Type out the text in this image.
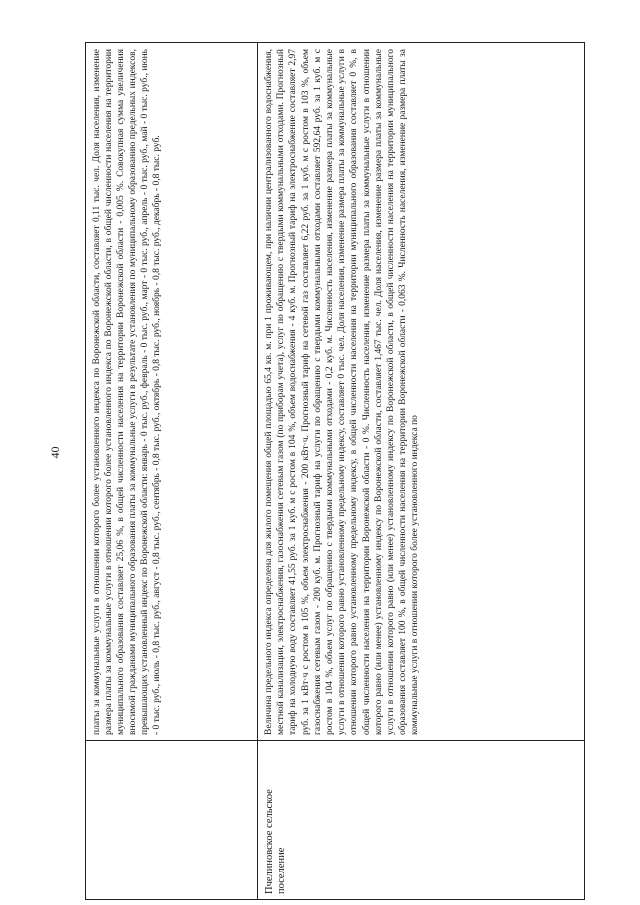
40	платы за коммунальные услуги в отношении которого более установленного индекса по Воронежской области, составляет 0,11 тыс. чел. Доля населения, изменение размера платы за коммунальные услуги в отношении которого более установленного индекса по Воронежской области, в общей численности населения на территории муниципального образования составляет 25,06 %, в общей численности населения на территории Воронежской области - 0,005 %. Совокупная сумма увеличения вносимой гражданами муниципального образования платы за коммунальные услуги в результате установления по муниципальному образованию предельных индексов, превышающих установленный индекс по Воронежской области: январь - 0 тыс. руб., февраль - 0 тыс. руб., март - 0 тыс. руб., апрель - 0 тыс. руб., май - 0 тыс. руб., июнь - 0 тыс. руб., июль - 0,8 тыс. руб., август - 0,8 тыс. руб., сентябрь - 0,8 тыс. руб., октябрь - 0,8 тыс. руб., ноябрь - 0,8 тыс. руб., декабрь - 0,8 тыс. руб.

Пчелиновское сельское поселение

Величина предельного индекса определена для жилого помещения общей площадью 65,4 кв. м. при 1 проживающем, при наличии централизованного водоснабжения, местной канализации, электроснабжения, газоснабжения сетевым газом (по приборам учета), услуг по обращению с твердыми коммунальными отходами. Прогнозный тариф на холодную воду составляет 41,55 руб. за 1 куб. м с ростом в 104 %, объем водоснабжения - 4 куб. м. Прогнозный тариф на электроснабжение составляет 2,97 руб. за 1 кВт·ч с ростом в 105 %, объем электроснабжения - 200 кВт·ч. Прогнозный тариф на сетевой газ составляет 6,22 руб. за 1 куб. м с ростом в 103 %, объем газоснабжения сетевым газом - 200 куб. м. Прогнозный тариф на услуги по обращению с твердыми коммунальными отходами составляет 592,64 руб. за 1 куб. м с ростом в 104 %, объем услуг по обращению с твердыми коммунальными отходами - 0,2 куб. м. Численность населения, изменение размера платы за коммунальные услуги в отношении которого равно установленному предельному индексу, составляет 0 тыс. чел. Доля населения, изменение размера платы за коммунальные услуги в отношении которого равно установленному предельному индексу, в общей численности населения на территории муниципального образования составляет 0 %, в общей численности населения на территории Воронежской области - 0 %. Численность населения, изменение размера платы за коммунальные услуги в отношении которого равно (или менее) установленному индексу по Воронежской области, составляет 1,467 тыс. чел. Доля населения, изменение размера платы за коммунальные услуги в отношении которого равно (или менее) установленному индексу по Воронежской области, в общей численности населения на территории муниципального образования составляет 100 %, в общей численности населения на территории Воронежской области - 0,063 %. Численность населения, изменение размера платы за коммунальные услуги в отношении которого более установленного индекса по
